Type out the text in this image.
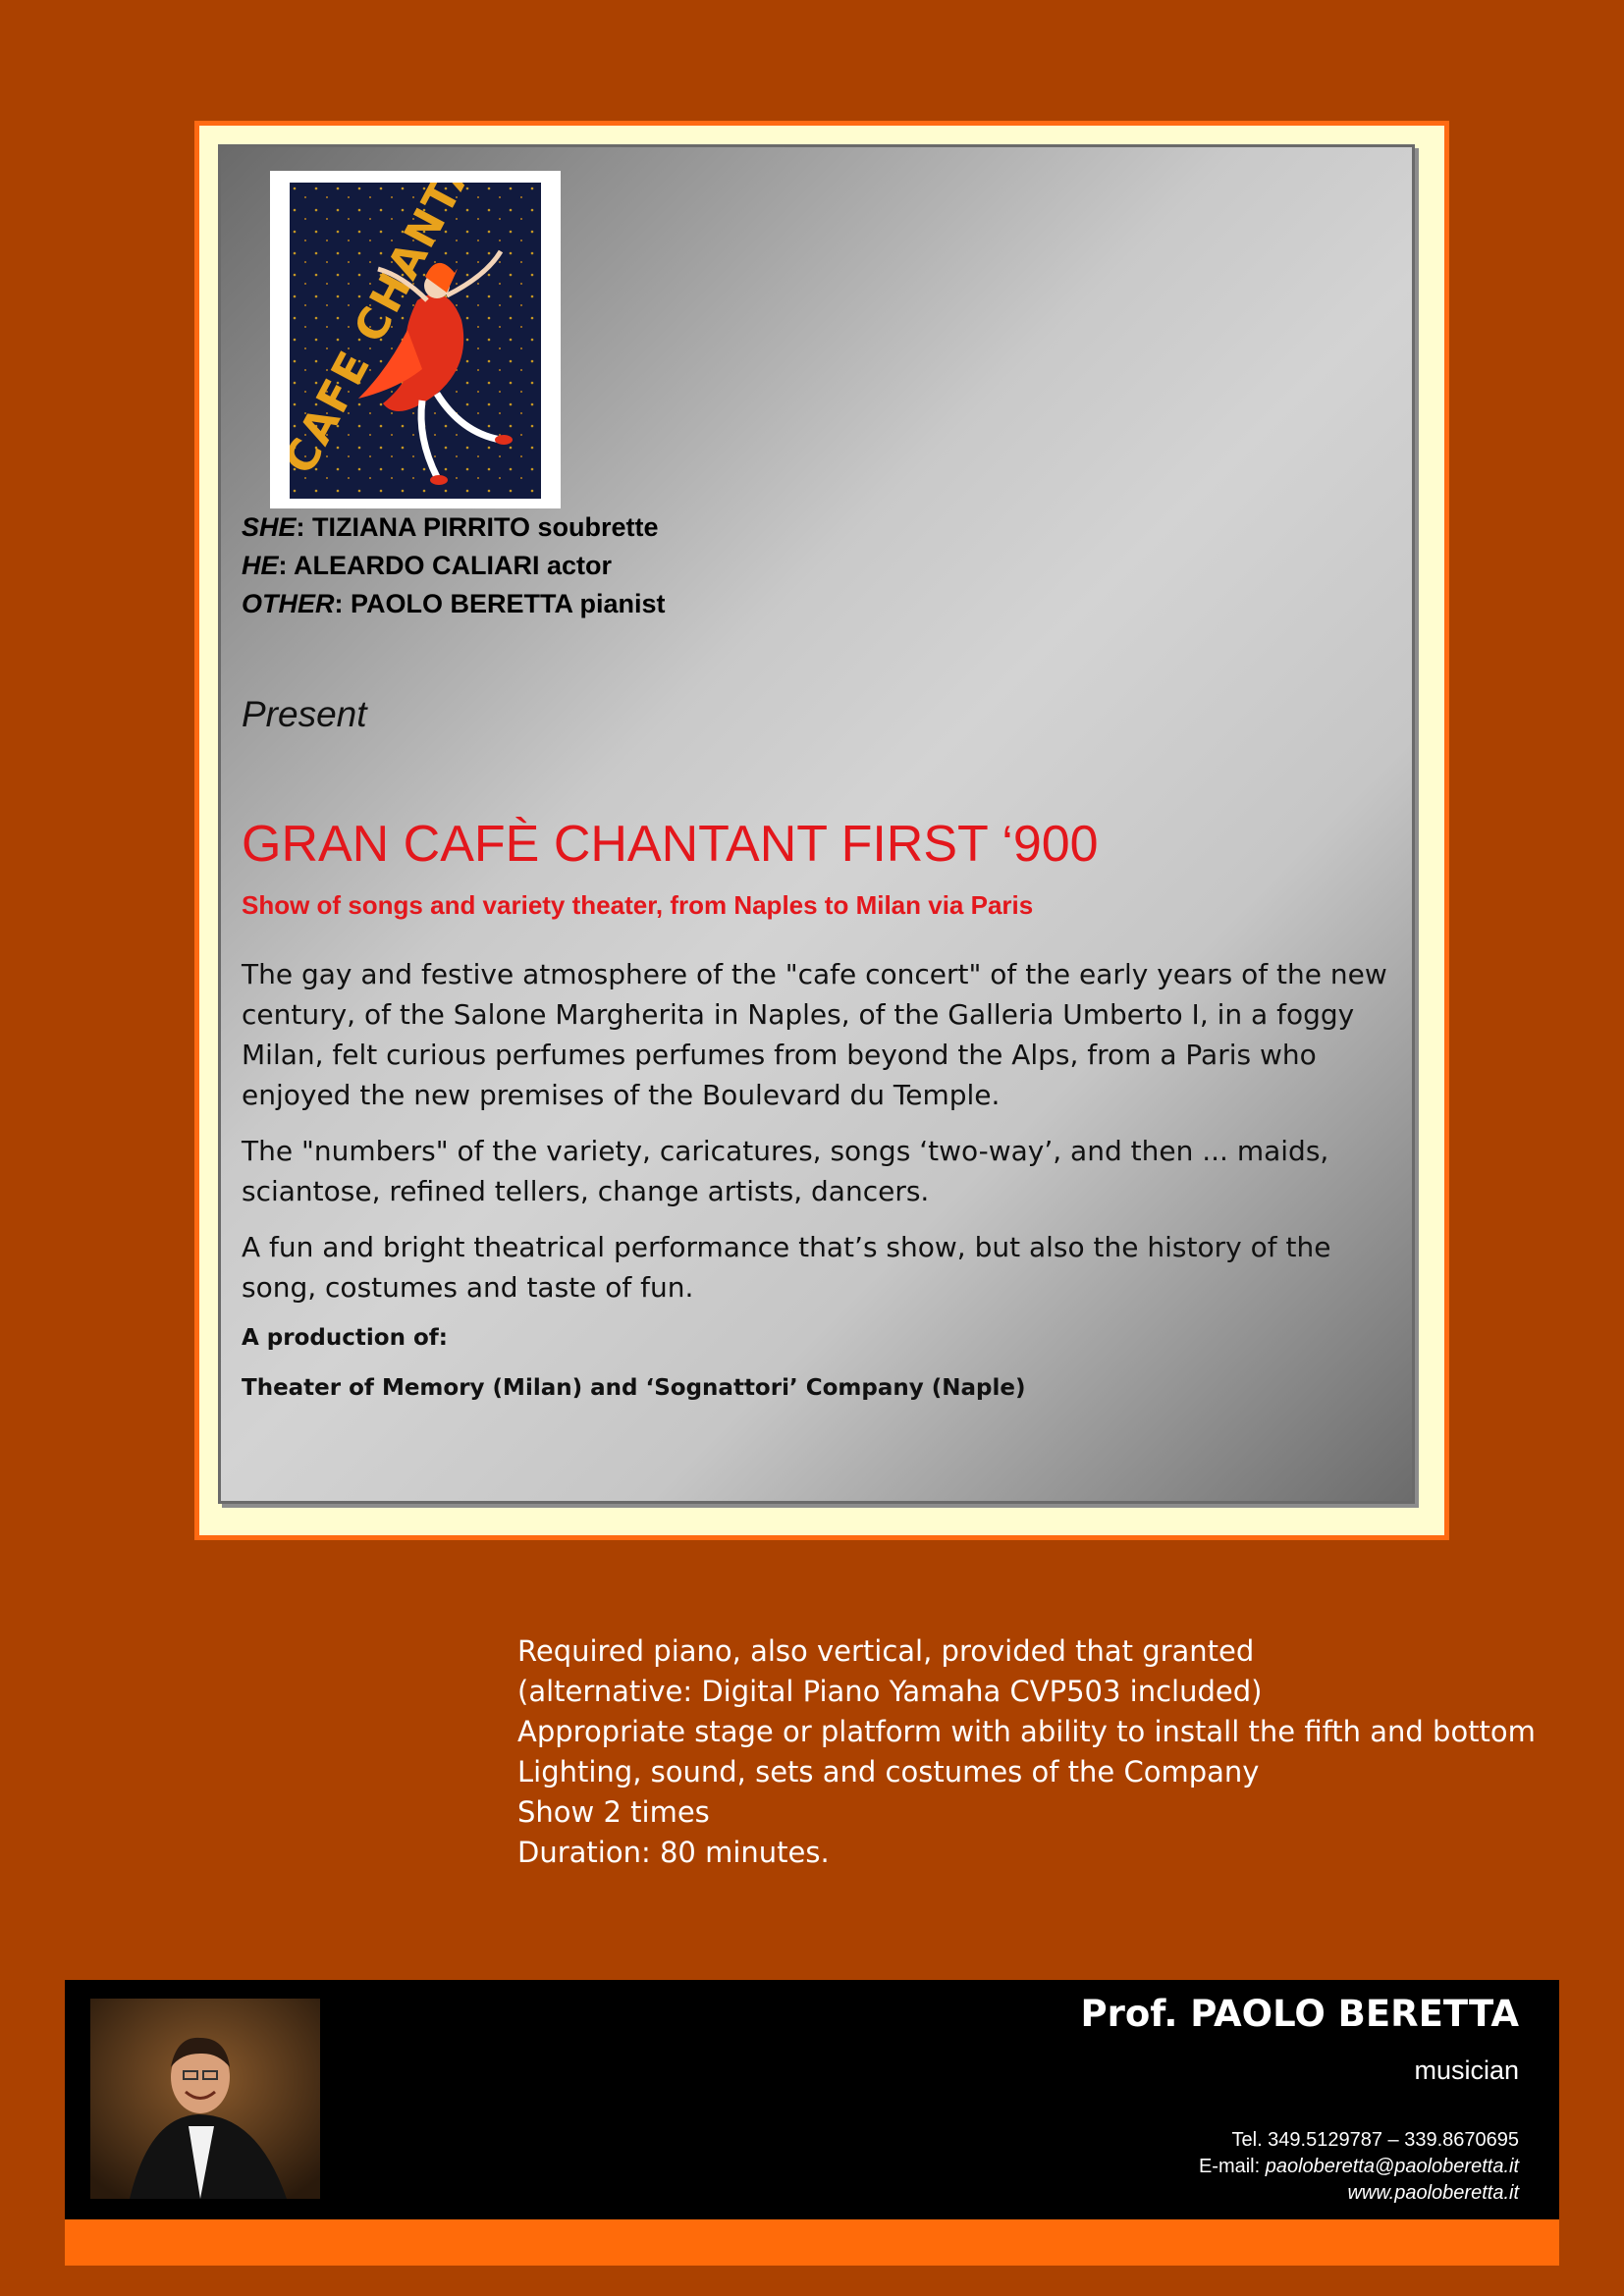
SHE: TIZIANA PIRRITO soubrette
HE: ALEARDO CALIARI actor
OTHER: PAOLO BERETTA pianist
Present
GRAN CAFÈ CHANTANT FIRST ‘900
Show of songs and variety theater, from Naples to Milan via Paris

The gay and festive atmosphere of the "cafe concert" of the early years of the new century, of the Salone Margherita in Naples, of the Galleria Umberto I, in a foggy Milan, felt curious perfumes perfumes from beyond the Alps, from a Paris who enjoyed the new premises of the Boulevard du Temple.

The "numbers" of the variety, caricatures, songs ‘two-way’, and then ... maids, sciantose, refined tellers, change artists, dancers.

A fun and bright theatrical performance that’s show, but also the history of the song, costumes and taste of fun.

A production of:
Theater of Memory (Milan) and ‘Sognattori’ Company (Naple)
Required piano, also vertical, provided that granted
(alternative: Digital Piano Yamaha CVP503 included)
Appropriate stage or platform with ability to install the fifth and bottom
Lighting, sound, sets and costumes of the Company
Show 2 times
Duration: 80 minutes.
Prof. PAOLO BERETTA
musician
Tel. 349.5129787 – 339.8670695
E-mail: paoloberetta@paoloberetta.it
www.paoloberetta.it
